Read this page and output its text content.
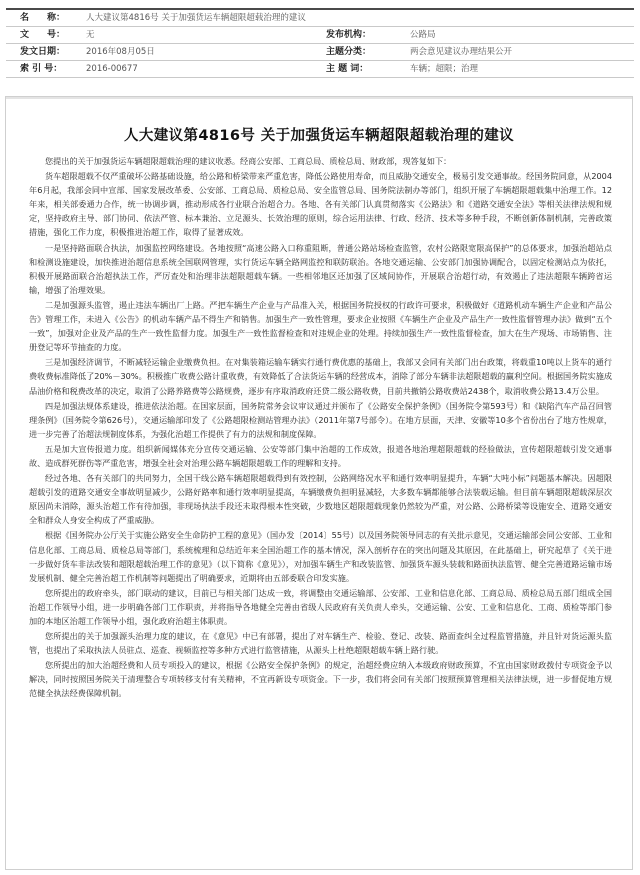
名　　称：	人大建议第4816号 关于加强货运车辆超限超载治理的建议
文　　号：	无	发布机构：	公路局
发文日期：	2016年08月05日	主题分类：	两会意见建议办理结果公开
索 引 号：	2016-00677	主 题 词：	车辆；超限；治理
人大建议第4816号 关于加强货运车辆超限超载治理的建议

您提出的关于加强货运车辆超限超载治理的建议收悉。经商公安部、工商总局、质检总局、财政部，现答复如下：

货车超限超载不仅严重破坏公路基础设施，给公路和桥梁带来严重危害，降低公路使用寿命，而且威胁交通安全，极易引发交通事故。经国务院同意，从2004年6月起，我部会同中宣部、国家发展改革委、公安部、工商总局、质检总局、安全监管总局、国务院法制办等部门，组织开展了车辆超限超载集中治理工作。12年来，相关部委通力合作，统一协调步调，推动形成各行业联合治超合力。各地、各有关部门认真贯彻落实《公路法》和《道路交通安全法》等相关法律法规和规定，坚持政府主导、部门协同、依法严管、标本兼治、立足源头、长效治理的原则，综合运用法律、行政、经济、技术等多种手段，不断创新体制机制，完善政策措施，强化工作力度，积极推进治超工作，取得了显著成效。

一是坚持路面联合执法，加强监控网络建设。各地按照“高速公路入口称重阻断，普通公路站场检查监管，农村公路限宽限高保护”的总体要求，加强治超站点和检测设施建设，加快推进治超信息系统全国联网管理，实行货运车辆全路网监控和联防联治。各地交通运输、公安部门加强协调配合，以固定检测站点为依托，积极开展路面联合治超执法工作，严厉查处和治理非法超限超载车辆。一些相邻地区还加强了区域间协作，开展联合治超行动，有效遏止了违法超限车辆跨省运输，增强了治理效果。

二是加强源头监管，遏止违法车辆出厂上路。严把车辆生产企业与产品准入关，根据国务院授权的行政许可要求，积极做好《道路机动车辆生产企业和产品公告》管理工作，未进入《公告》的机动车辆产品不得生产和销售。加强生产一致性管理，要求企业按照《车辆生产企业及产品生产一致性监督管理办法》做到“五个一致”，加强对企业及产品的生产一致性监督力度。加强生产一致性监督检查和对违规企业的处理。持续加强生产一致性监督检查，加大在生产现场、市场销售、注册登记等环节抽查的力度。

三是加强经济调节，不断减轻运输企业缴费负担。在对集装箱运输车辆实行通行费优惠的基础上，我部又会同有关部门出台政策，将载重10吨以上货车的通行费收费标准降低了20%－30%。积极推广收费公路计重收费，有效降低了合法货运车辆的经营成本，消除了部分车辆非法超限超载的赢利空间。根据国务院实施成品油价格和税费改革的决定，取消了公路养路费等公路规费，逐步有序取消政府还贷二级公路收费，目前共撤销公路收费站2438个，取消收费公路13.4万公里。

四是加强法规体系建设，推进依法治超。在国家层面，国务院常务会议审议通过并颁布了《公路安全保护条例》（国务院令第593号）和《缺陷汽车产品召回管理条例》（国务院令第626号），交通运输部印发了《公路超限检测站管理办法》（2011年第7号部令）。在地方层面，天津、安徽等10多个省份出台了地方性规章，进一步完善了治超法规制度体系，为强化治超工作提供了有力的法规和制度保障。

五是加大宣传报道力度。组织新闻媒体充分宣传交通运输、公安等部门集中治超的工作成效，报道各地治理超限超载的经验做法，宣传超限超载引发交通事故、造成群死群伤等严重危害，增强全社会对治理公路车辆超限超载工作的理解和支持。

经过各地、各有关部门的共同努力，全国干线公路车辆超限超载得到有效控制，公路网络况水平和通行效率明显提升，车辆“大吨小标”问题基本解决。因超限超载引发的道路交通安全事故明显减少，公路好路率和通行效率明显提高，车辆缴费负担明显减轻，大多数车辆都能够合法装载运输。但目前车辆超限超载深层次原因尚未消除，源头治超工作有待加强，非现场执法手段还未取得根本性突破，少数地区超限超载现象仍然较为严重，对公路、公路桥梁等设施安全、道路交通安全和群众人身安全构成了严重威胁。

根据《国务院办公厅关于实施公路安全生命防护工程的意见》（国办发〔2014〕55号）以及国务院领导同志的有关批示意见，交通运输部会同公安部、工业和信息化部、工商总局、质检总局等部门，系统梳理和总结近年来全国治超工作的基本情况，深入剖析存在的突出问题及其原因，在此基础上，研究起草了《关于进一步做好货车非法改装和超限超载治理工作的意见》（以下简称《意见》），对加强车辆生产和改装监管、加强货车源头装载和路面执法监管、健全完善道路运输市场发展机制、健全完善治超工作机制等问题提出了明确要求，近期将由五部委联合印发实施。

您所提出的政府牵头，部门联动的建议，目前已与相关部门达成一致，将调整由交通运输部、公安部、工业和信息化部、工商总局、质检总局五部门组成全国治超工作领导小组，进一步明确各部门工作职责，并将指导各地健全完善由省级人民政府有关负责人牵头，交通运输、公安、工业和信息化、工商、质检等部门参加的本地区治超工作领导小组，强化政府治超主体职责。

您所提出的关于加强源头治理力度的建议，在《意见》中已有部署，提出了对车辆生产、检验、登记、改装、路面查纠全过程监管措施，并且针对货运源头监管，也提出了采取执法人员驻点、巡查、视频监控等多种方式进行监管措施，从源头上杜绝超限超载车辆上路行驶。

您所提出的加大治超经费和人员专项投入的建议，根据《公路安全保护条例》的规定，治超经费应纳入本级政府财政预算，不宜由国家财政拨付专项资金予以解决，同时按照国务院关于清理整合专项转移支付有关精神，不宜再新设专项资金。下一步，我们将会同有关部门按照预算管理相关法律法规，进一步督促地方规范健全执法经费保障机制。
